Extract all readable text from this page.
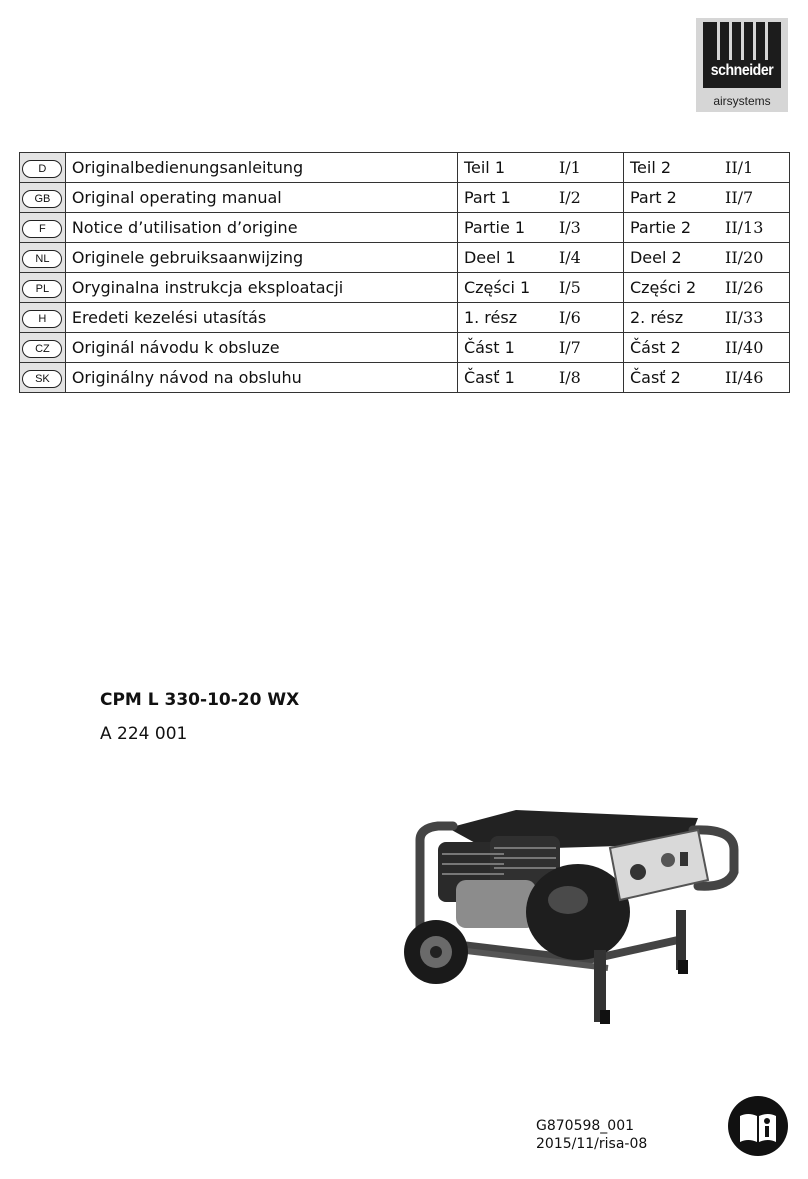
schneider
airsystems
D	Originalbedienungsanleitung	Teil 1 I/1	Teil 2 II/1

GB	Original operating manual	Part 1 I/2	Part 2 II/7

F	Notice d’utilisation d’origine	Partie 1 I/3	Partie 2 II/13

NL	Originele gebruiksaanwijzing	Deel 1 I/4	Deel 2 II/20

PL	Oryginalna instrukcja eksploatacji	Części 1 I/5	Części 2 II/26

H	Eredeti kezelési utasítás	1. rész I/6	2. rész II/33

CZ	Originál návodu k obsluze	Část 1 I/7	Část 2 II/40

SK	Originálny návod na obsluhu	Časť 1 I/8	Časť 2 II/46
CPM L 330-10-20 WX
A 224 001
G870598_001
2015/11/risa-08
